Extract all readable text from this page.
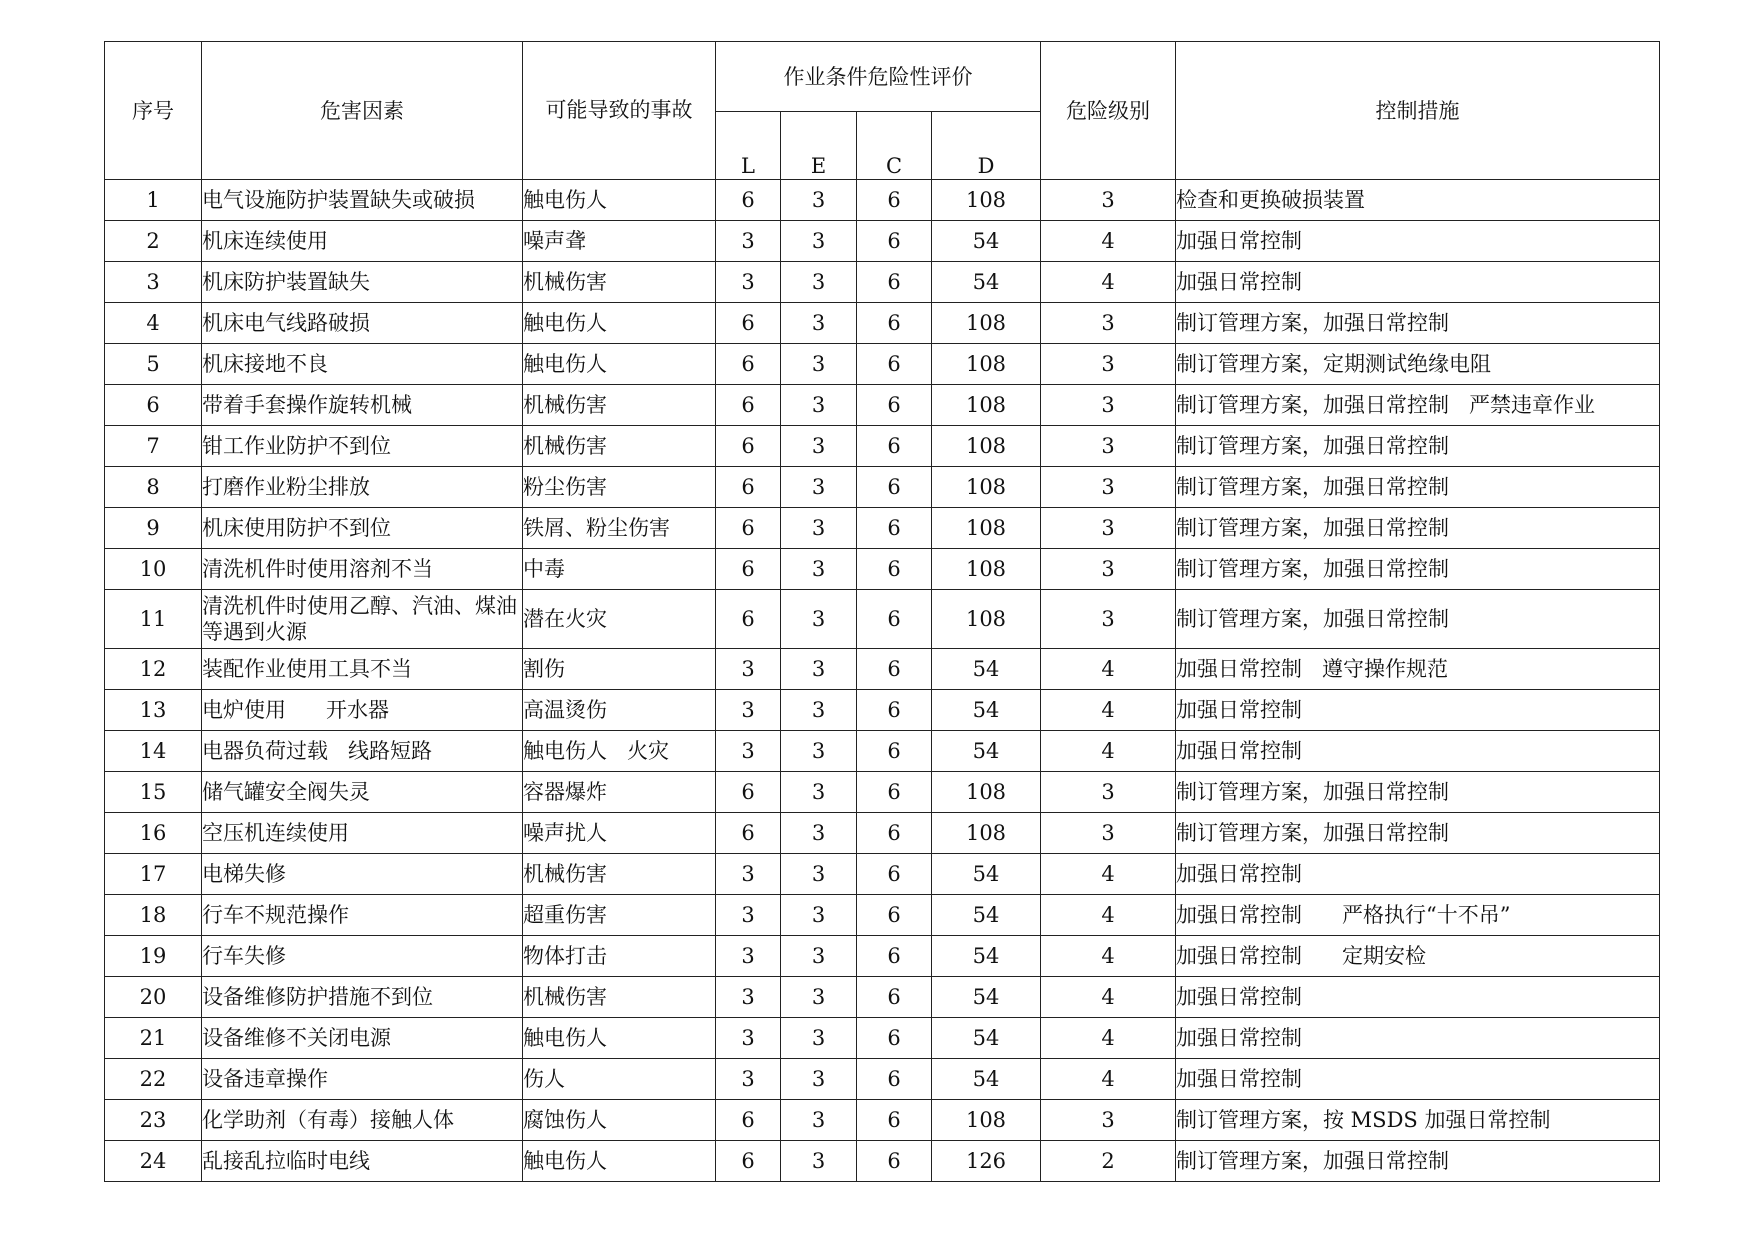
序号	危害因素	可能导致的事故	作业条件危险性评价				危险级别	控制措施
			L	E	C	D		
1	电气设施防护装置缺失或破损	触电伤人	6	3	6	108	3	检查和更换破损装置
2	机床连续使用	噪声聋	3	3	6	54	4	加强日常控制
3	机床防护装置缺失	机械伤害	3	3	6	54	4	加强日常控制
4	机床电气线路破损	触电伤人	6	3	6	108	3	制订管理方案，加强日常控制
5	机床接地不良	触电伤人	6	3	6	108	3	制订管理方案，定期测试绝缘电阻
6	带着手套操作旋转机械	机械伤害	6	3	6	108	3	制订管理方案，加强日常控制   严禁违章作业
7	钳工作业防护不到位	机械伤害	6	3	6	108	3	制订管理方案，加强日常控制
8	打磨作业粉尘排放	粉尘伤害	6	3	6	108	3	制订管理方案，加强日常控制
9	机床使用防护不到位	铁屑、粉尘伤害	6	3	6	108	3	制订管理方案，加强日常控制
10	清洗机件时使用溶剂不当	中毒	6	3	6	108	3	制订管理方案，加强日常控制
11	清洗机件时使用乙醇、汽油、煤油等遇到火源	潜在火灾	6	3	6	108	3	制订管理方案，加强日常控制
12	装配作业使用工具不当	割伤	3	3	6	54	4	加强日常控制   遵守操作规范
13	电炉使用      开水器	高温烫伤	3	3	6	54	4	加强日常控制
14	电器负荷过载   线路短路	触电伤人   火灾	3	3	6	54	4	加强日常控制
15	储气罐安全阀失灵	容器爆炸	6	3	6	108	3	制订管理方案，加强日常控制
16	空压机连续使用	噪声扰人	6	3	6	108	3	制订管理方案，加强日常控制
17	电梯失修	机械伤害	3	3	6	54	4	加强日常控制
18	行车不规范操作	超重伤害	3	3	6	54	4	加强日常控制      严格执行“十不吊”
19	行车失修	物体打击	3	3	6	54	4	加强日常控制      定期安检
20	设备维修防护措施不到位	机械伤害	3	3	6	54	4	加强日常控制
21	设备维修不关闭电源	触电伤人	3	3	6	54	4	加强日常控制
22	设备违章操作	伤人	3	3	6	54	4	加强日常控制
23	化学助剂（有毒）接触人体	腐蚀伤人	6	3	6	108	3	制订管理方案，按 MSDS 加强日常控制
24	乱接乱拉临时电线	触电伤人	6	3	6	126	2	制订管理方案，加强日常控制
